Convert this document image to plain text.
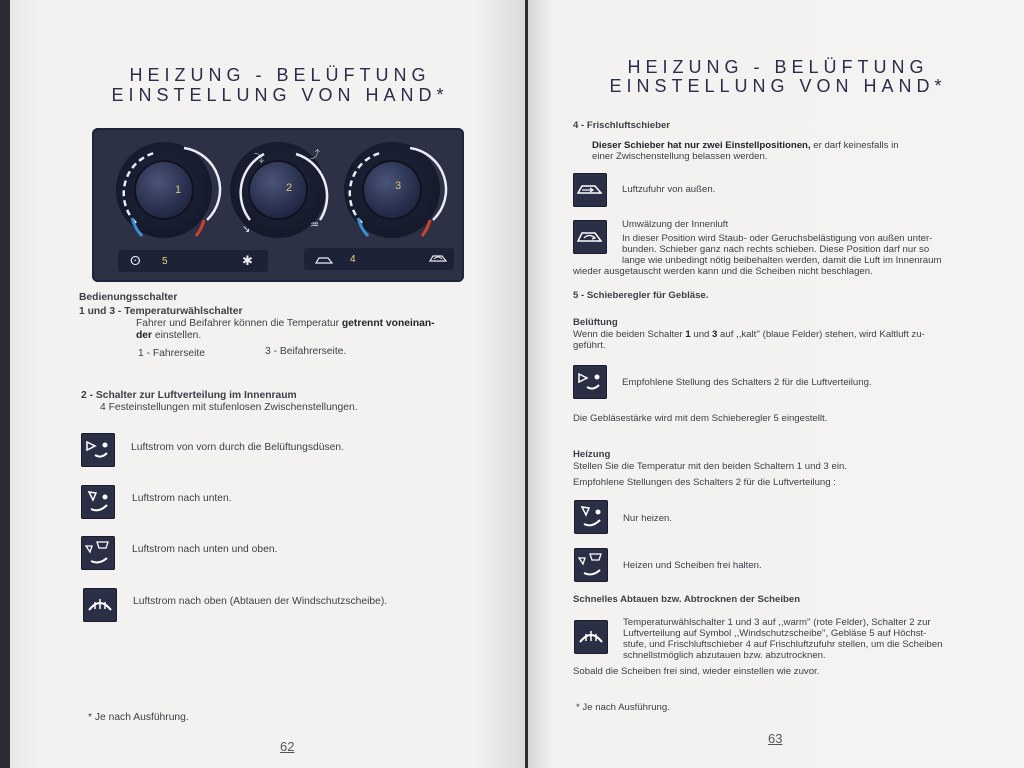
HEIZUNG - BELÜFTUNG
EINSTELLUNG VON HAND*
⤵	⤴
↘	♒
1	2	3
ⵙ 5	✱	4
Bedienungsschalter
1 und 3 - Temperaturwählschalter
Fahrer und Beifahrer können die Temperatur getrennt voneinan-
der einstellen.
1 - Fahrerseite	3 - Beifahrerseite.
2 - Schalter zur Luftverteilung im Innenraum
4 Festeinstellungen mit stufenlosen Zwischenstellungen.
Luftstrom von vorn durch die Belüftungsdüsen.
Luftstrom nach unten.
Luftstrom nach unten und oben.
Luftstrom nach oben (Abtauen der Windschutzscheibe).
* Je nach Ausführung.
62
HEIZUNG - BELÜFTUNG
EINSTELLUNG VON HAND*
4 - Frischluftschieber
Dieser Schieber hat nur zwei Einstellpositionen, er darf keinesfalls in
einer Zwischenstellung belassen werden.
Luftzufuhr von außen.
Umwälzung der Innenluft
In dieser Position wird Staub- oder Geruchsbelästigung von außen unter-
bunden. Schieber ganz nach rechts schieben. Diese Position darf nur so
lange wie unbedingt nötig beibehalten werden, damit die Luft im Innenraum
wieder ausgetauscht werden kann und die Scheiben nicht beschlagen.
5 - Schieberegler für Gebläse.
Belüftung
Wenn die beiden Schalter 1 und 3 auf ,,kalt'' (blaue Felder) stehen, wird Kaltluft zu-
geführt.
Empfohlene Stellung des Schalters 2 für die Luftverteilung.
Die Gebläsestärke wird mit dem Schieberegler 5 eingestellt.
Heizung
Stellen Sie die Temperatur mit den beiden Schaltern 1 und 3 ein.
Empfohlene Stellungen des Schalters 2 für die Luftverteilung :
Nur heizen.
Heizen und Scheiben frei halten.
Schnelles Abtauen bzw. Abtrocknen der Scheiben
Temperaturwählschalter 1 und 3 auf ,,warm'' (rote Felder), Schalter 2 zur
Luftverteilung auf Symbol ,,Windschutzscheibe'', Gebläse 5 auf Höchst-
stufe, und Frischluftschieber 4 auf Frischluftzufuhr stellen, um die Scheiben
schnellstmöglich abzutauen bzw. abzutrocknen.
Sobald die Scheiben frei sind, wieder einstellen wie zuvor.
* Je nach Ausführung.
63
